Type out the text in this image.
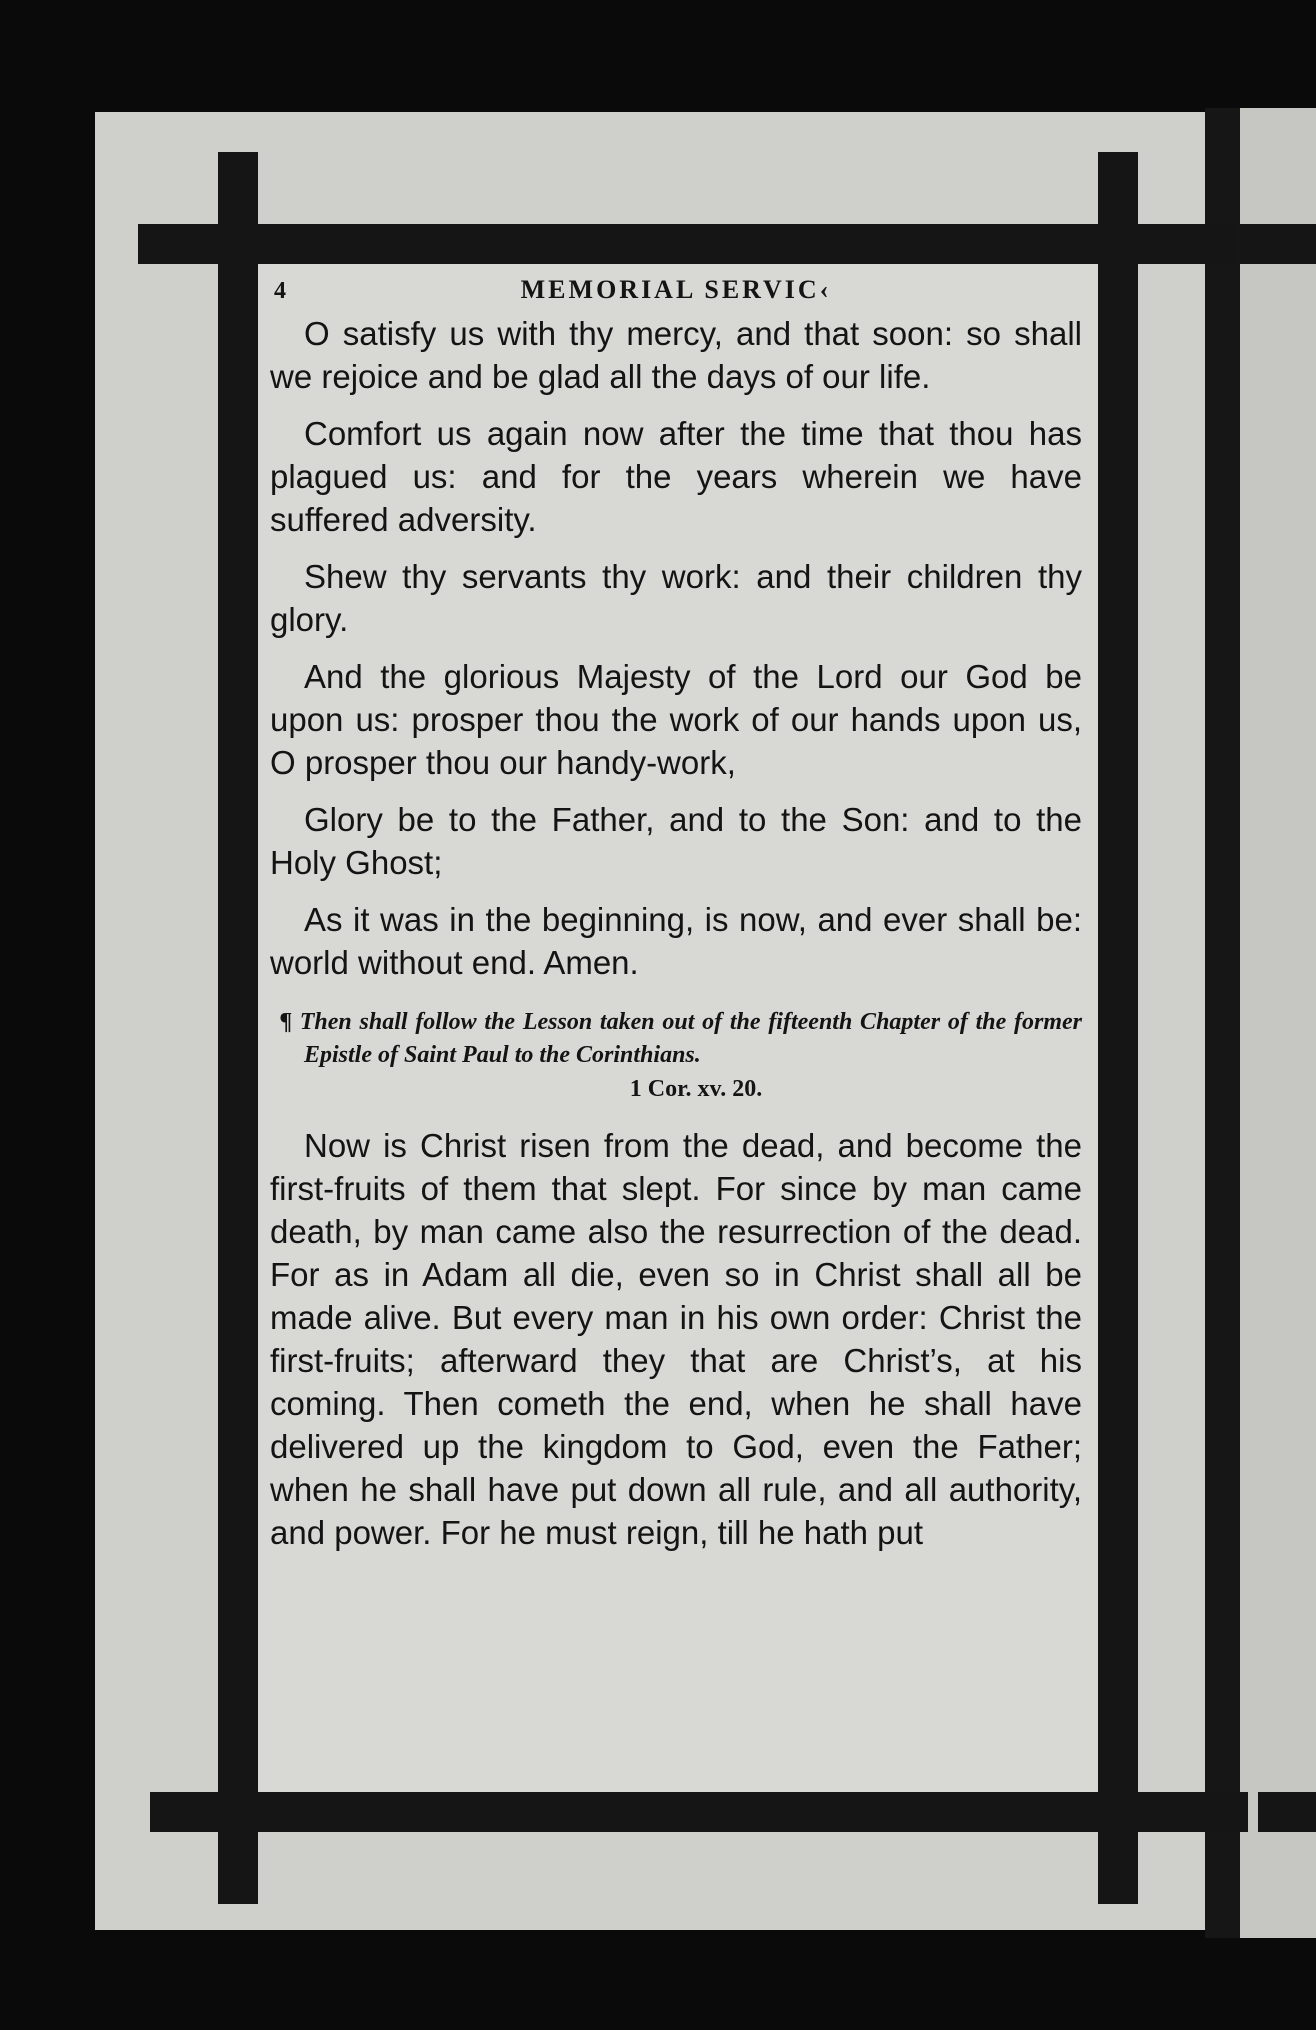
4	MEMORIAL SERVIC‹

O satisfy us with thy mercy, and that soon: so shall we rejoice and be glad all the days of our life.

Comfort us again now after the time that thou has plagued us: and for the years wherein we have suffered adversity.

Shew thy servants thy work: and their children thy glory.

And the glorious Majesty of the Lord our God be upon us: prosper thou the work of our hands upon us, O prosper thou our handy-work,

Glory be to the Father, and to the Son: and to the Holy Ghost;

As it was in the beginning, is now, and ever shall be: world without end. Amen.

¶ Then shall follow the Lesson taken out of the fifteenth Chapter of the former Epistle of Saint Paul to the Corinthians.
1 Cor. xv. 20.

Now is Christ risen from the dead, and become the first-fruits of them that slept. For since by man came death, by man came also the resurrection of the dead. For as in Adam all die, even so in Christ shall all be made alive. But every man in his own order: Christ the first-fruits; afterward they that are Christ’s, at his coming. Then cometh the end, when he shall have delivered up the kingdom to God, even the Father; when he shall have put down all rule, and all authority, and power. For he must reign, till he hath put
